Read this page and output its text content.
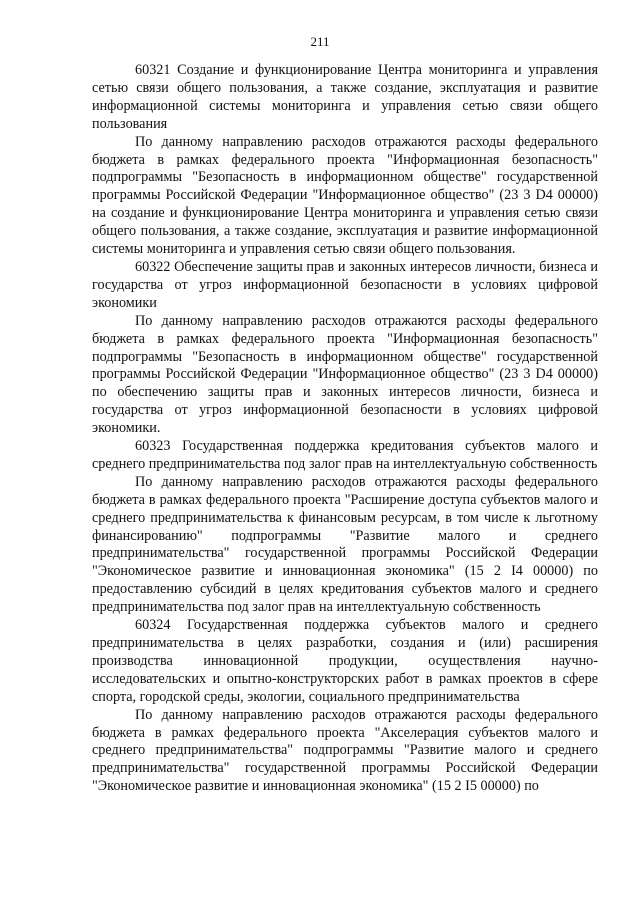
211

60321 Создание и функционирование Центра мониторинга и управления сетью связи общего пользования, а также создание, эксплуатация и развитие информационной системы мониторинга и управления сетью связи общего пользования

По данному направлению расходов отражаются расходы федерального бюджета в рамках федерального проекта "Информационная безопасность" подпрограммы "Безопасность в информационном обществе" государственной программы Российской Федерации "Информационное общество" (23 3 D4 00000) на создание и функционирование Центра мониторинга и управления сетью связи общего пользования, а также создание, эксплуатация и развитие информационной системы мониторинга и управления сетью связи общего пользования.

60322 Обеспечение защиты прав и законных интересов личности, бизнеса и государства от угроз информационной безопасности в условиях цифровой экономики

По данному направлению расходов отражаются расходы федерального бюджета в рамках федерального проекта "Информационная безопасность" подпрограммы "Безопасность в информационном обществе" государственной программы Российской Федерации "Информационное общество" (23 3 D4 00000) по обеспечению защиты прав и законных интересов личности, бизнеса и государства от угроз информационной безопасности в условиях цифровой экономики.

60323 Государственная поддержка кредитования субъектов малого и среднего предпринимательства под залог прав на интеллектуальную собственность

По данному направлению расходов отражаются расходы федерального бюджета в рамках федерального проекта "Расширение доступа субъектов малого и среднего предпринимательства к финансовым ресурсам, в том числе к льготному финансированию" подпрограммы "Развитие малого и среднего предпринимательства" государственной программы Российской Федерации "Экономическое развитие и инновационная экономика" (15 2 I4 00000) по предоставлению субсидий в целях кредитования субъектов малого и среднего предпринимательства под залог прав на интеллектуальную собственность

60324 Государственная поддержка субъектов малого и среднего предпринимательства в целях разработки, создания и (или) расширения производства инновационной продукции, осуществления научно-исследовательских и опытно-конструкторских работ в рамках проектов в сфере спорта, городской среды, экологии, социального предпринимательства

По данному направлению расходов отражаются расходы федерального бюджета в рамках федерального проекта "Акселерация субъектов малого и среднего предпринимательства" подпрограммы "Развитие малого и среднего предпринимательства" государственной программы Российской Федерации "Экономическое развитие и инновационная экономика" (15 2 I5 00000) по
